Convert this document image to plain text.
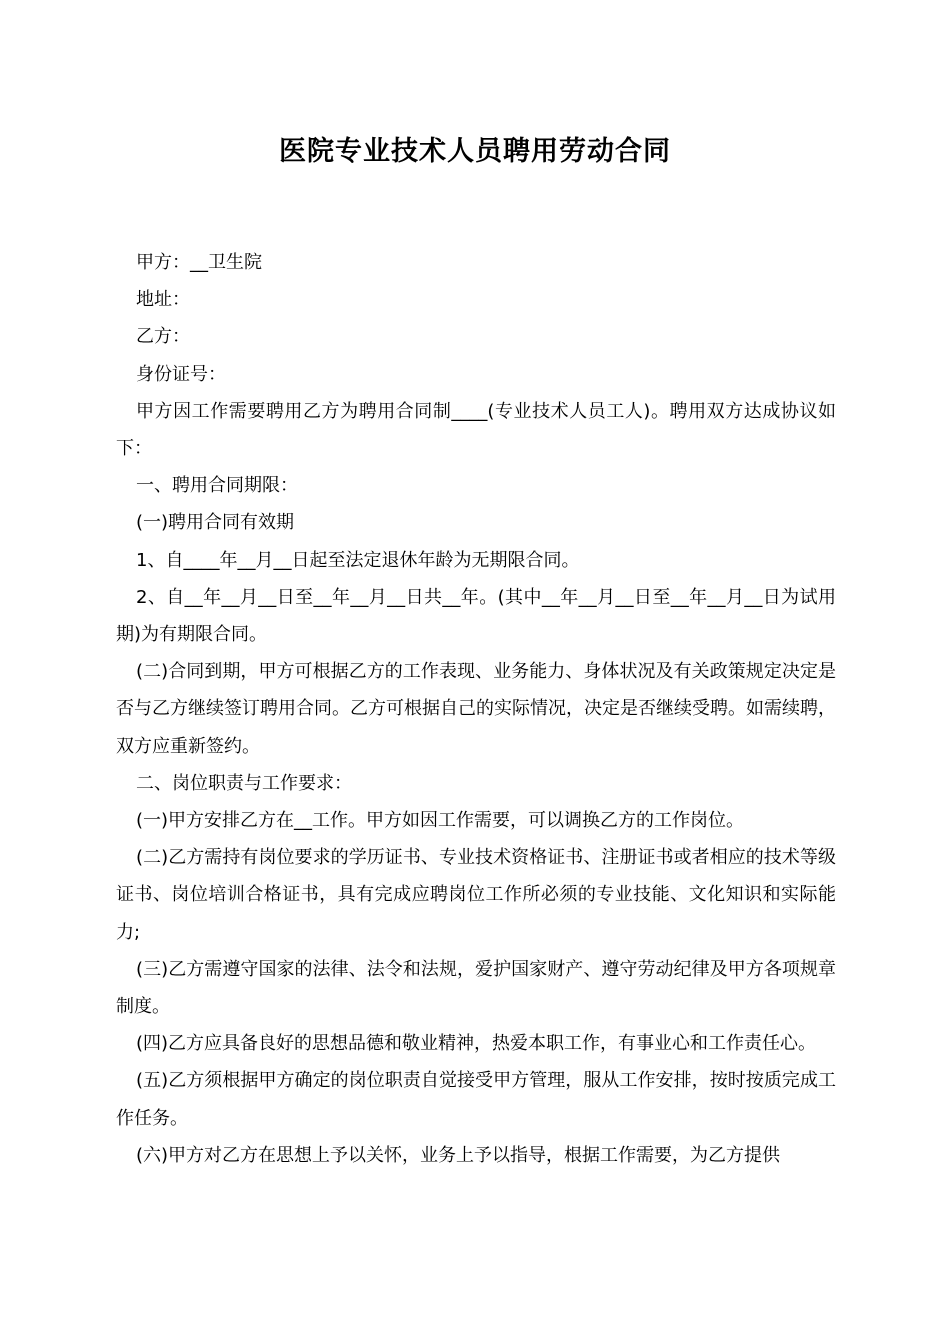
医院专业技术人员聘用劳动合同

甲方：__卫生院

地址：

乙方：

身份证号：

甲方因工作需要聘用乙方为聘用合同制____(专业技术人员工人)。聘用双方达成协议如下：

一、聘用合同期限：

(一)聘用合同有效期

1、自____年__月__日起至法定退休年龄为无期限合同。

2、自__年__月__日至__年__月__日共__年。(其中__年__月__日至__年__月__日为试用期)为有期限合同。

(二)合同到期，甲方可根据乙方的工作表现、业务能力、身体状况及有关政策规定决定是否与乙方继续签订聘用合同。乙方可根据自己的实际情况，决定是否继续受聘。如需续聘，双方应重新签约。

二、岗位职责与工作要求：

(一)甲方安排乙方在__工作。甲方如因工作需要，可以调换乙方的工作岗位。

(二)乙方需持有岗位要求的学历证书、专业技术资格证书、注册证书或者相应的技术等级证书、岗位培训合格证书，具有完成应聘岗位工作所必须的专业技能、文化知识和实际能力;

(三)乙方需遵守国家的法律、法令和法规，爱护国家财产、遵守劳动纪律及甲方各项规章制度。

(四)乙方应具备良好的思想品德和敬业精神，热爱本职工作，有事业心和工作责任心。

(五)乙方须根据甲方确定的岗位职责自觉接受甲方管理，服从工作安排，按时按质完成工作任务。

(六)甲方对乙方在思想上予以关怀，业务上予以指导，根据工作需要，为乙方提供
